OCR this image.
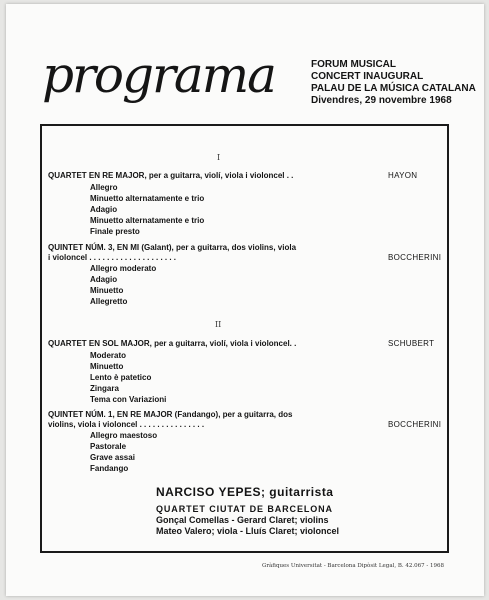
programa	FORUM MUSICAL
CONCERT INAUGURAL
PALAU DE LA MÚSICA CATALANA
Divendres, 29 novembre 1968
I
QUARTET EN RE MAJOR, per a guitarra, violí, viola i violoncel . .	HAYON
Allegro
Minuetto alternatamente e trio
Adagio
Minuetto alternatamente e trio
Finale presto
QUINTET NÚM. 3, EN MI (Galant), per a guitarra, dos violins, viola
i violoncel . . . . . . . . . . . . . . . . . . . .	BOCCHERINI
Allegro moderato
Adagio
Minuetto
Allegretto
II
QUARTET EN SOL MAJOR, per a guitarra, violí, viola i violoncel. .	SCHUBERT
Moderato
Minuetto
Lento è patetico
Zingara
Tema con Variazioni
QUINTET NÚM. 1, EN RE MAJOR (Fandango), per a guitarra, dos
violins, viola i violoncel . . . . . . . . . . . . . . .	BOCCHERINI
Allegro maestoso
Pastorale
Grave assai
Fandango
NARCISO YEPES; guitarrista
QUARTET CIUTAT DE BARCELONA
Gonçal Comellas - Gerard Claret; violins
Mateo Valero; viola - Lluís Claret; violoncel
Gràfiques Universitat - Barcelona Dipòsit Legal, B. 42.067 - 1968
